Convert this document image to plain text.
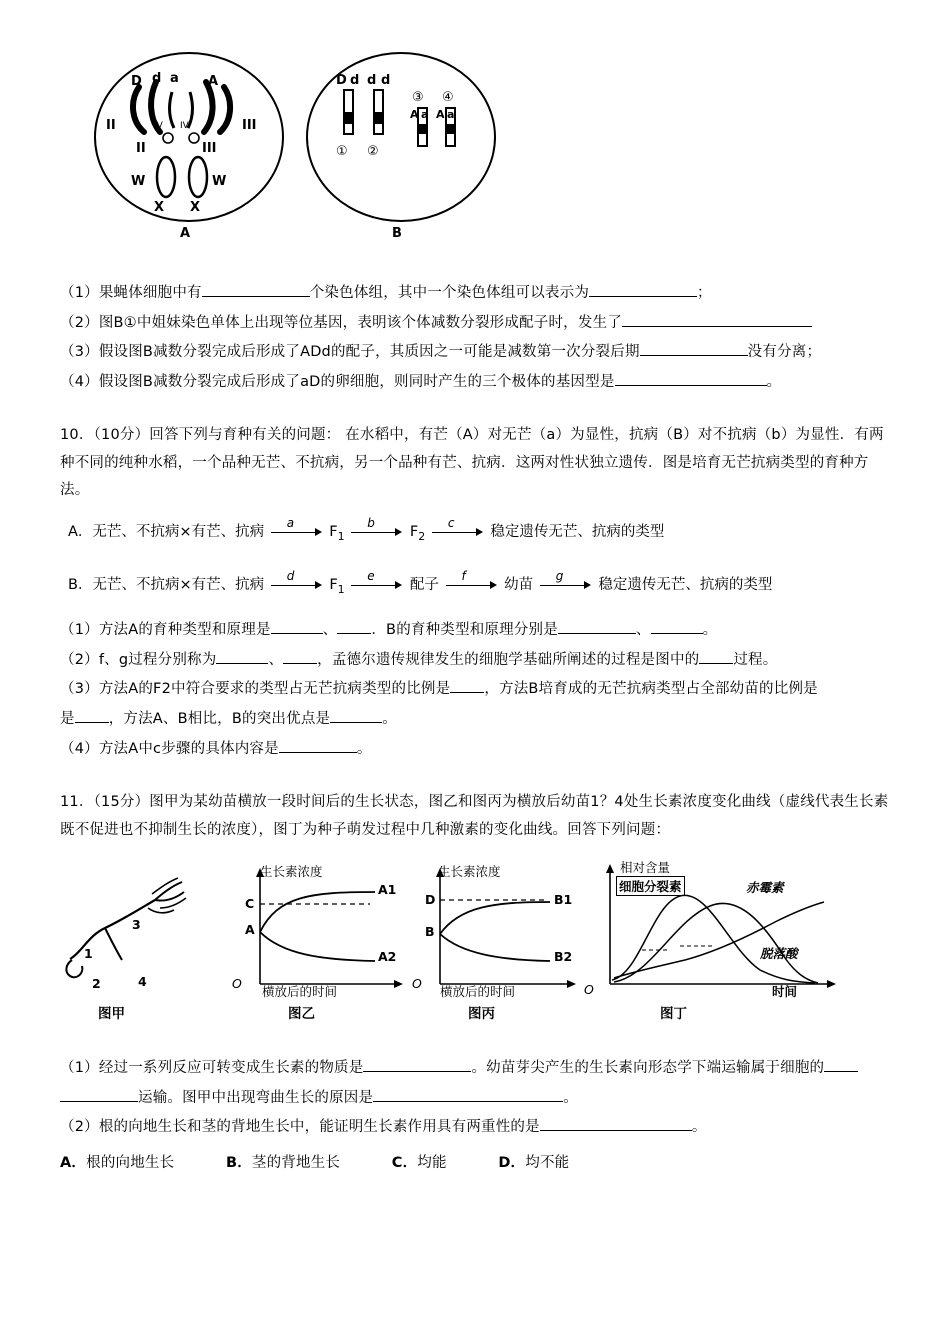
D d a A
II
II	III
III
IV IV
W	W
X X
A
D d d d
① ②
③ ④
A a A a
B
（1）果蝇体细胞中有	个染色体组，其中一个染色体组可以表示为	；
（2）图B①中姐妹染色单体上出现等位基因，表明该个体减数分裂形成配子时，发生了
（3）假设图B减数分裂完成后形成了ADd的配子，其质因之一可能是减数第一次分裂后期	没有分离；
（4）假设图B减数分裂完成后形成了aD的卵细胞，则同时产生的三个极体的基因型是	。
10．（10分）回答下列与育种有关的问题： 在水稻中，有芒（A）对无芒（a）为显性，抗病（B）对不抗病（b）为显性．有两种不同的纯种水稻，一个品种无芒、不抗病，另一个品种有芒、抗病．这两对性状独立遗传．图是培育无芒抗病类型的育种方法。
A．无芒、不抗病×有芒、抗病
a
$F_1$
b
$F_2$
c
稳定遗传无芒、抗病的类型
B．无芒、不抗病×有芒、抗病
d
$F_1$
e
配子
f
幼苗
g
稳定遗传无芒、抗病的类型
（1）方法A的育种类型和原理是	、 ．B的育种类型和原理分别是	、	。
（2）f、g过程分别称为	、 ，孟德尔遗传规律发生的细胞学基础所阐述的过程是图中的 过程。
（3）方法A的F2中符合要求的类型占无芒抗病类型的比例是 ，方法B培育成的无芒抗病类型占全部幼苗的比例是
是 ，方法A、B相比，B的突出优点是	。
（4）方法A中c步骤的具体内容是	。
11．（15分）图甲为某幼苗横放一段时间后的生长状态，图乙和图丙为横放后幼苗1？4处生长素浓度变化曲线（虚线代表生长素既不促进也不抑制生长的浓度），图丁为种子萌发过程中几种激素的变化曲线。回答下列问题：
1
2
3
4
图甲
生长素浓度
C
A
O
A1
A2
横放后的时间
图乙
生长素浓度
D
B
O
B1
B2
横放后的时间
图丙
相对含量
细胞分裂素	赤霉素
脱落酸
O	时间
图丁
（1）经过一系列反应可转变成生长素的物质是	。幼苗芽尖产生的生长素向形态学下端运输属于细胞的
运输。图甲中出现弯曲生长的原因是	。
（2）根的向地生长和茎的背地生长中，能证明生长素作用具有两重性的是	。
A．根的向地生长	B．茎的背地生长	C．均能	D．均不能
